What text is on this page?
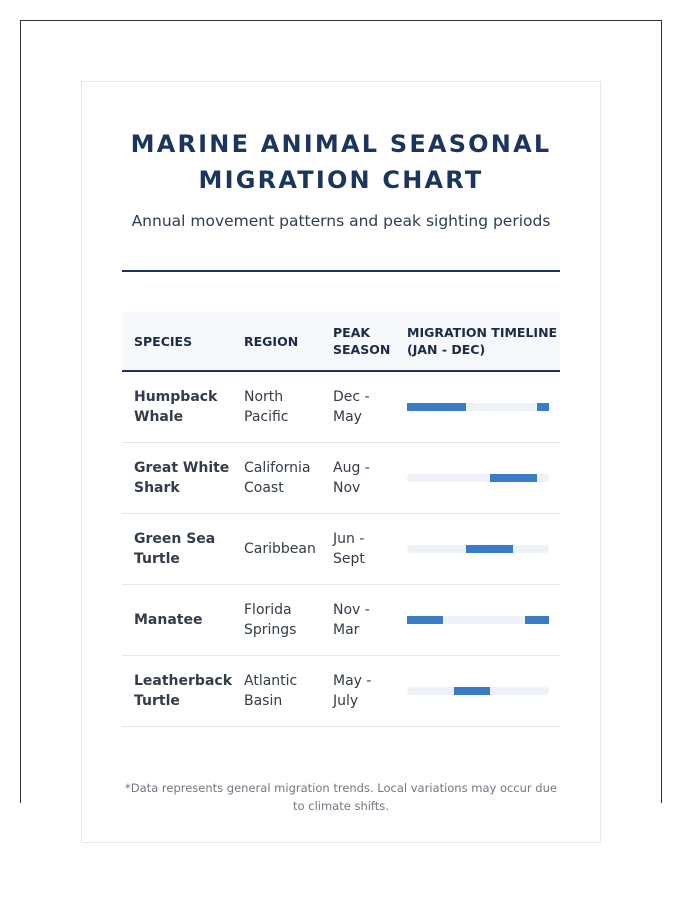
MARINE ANIMAL SEASONAL
MIGRATION CHART

Annual movement patterns and peak sighting periods

SPECIES	REGION	PEAK SEASON	MIGRATION TIMELINE (JAN - DEC)
Humpback Whale	North Pacific	Dec - May	

Great White Shark	California Coast	Aug - Nov	

Green Sea Turtle	Caribbean	Jun - Sept	

Manatee	Florida Springs	Nov - Mar	

Leatherback Turtle	Atlantic Basin	May - July	

*Data represents general migration trends. Local variations may occur due to climate shifts.
